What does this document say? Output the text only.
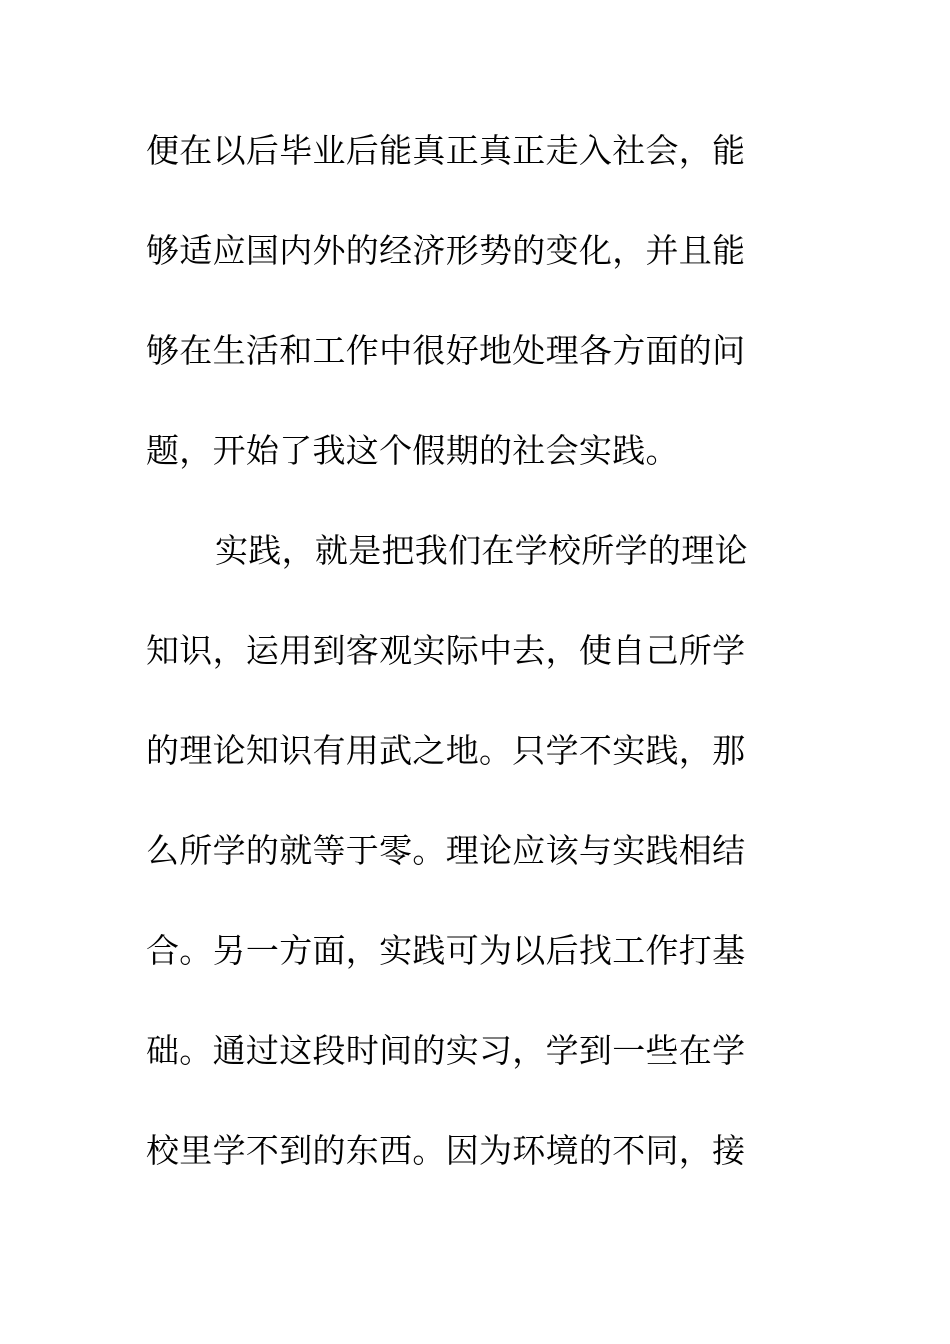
便在以后毕业后能真正真正走入社会，能
够适应国内外的经济形势的变化，并且能
够在生活和工作中很好地处理各方面的问
题，开始了我这个假期的社会实践。
实践，就是把我们在学校所学的理论
知识，运用到客观实际中去，使自己所学
的理论知识有用武之地。只学不实践，那
么所学的就等于零。理论应该与实践相结
合。另一方面，实践可为以后找工作打基
础。通过这段时间的实习，学到一些在学
校里学不到的东西。因为环境的不同，接
